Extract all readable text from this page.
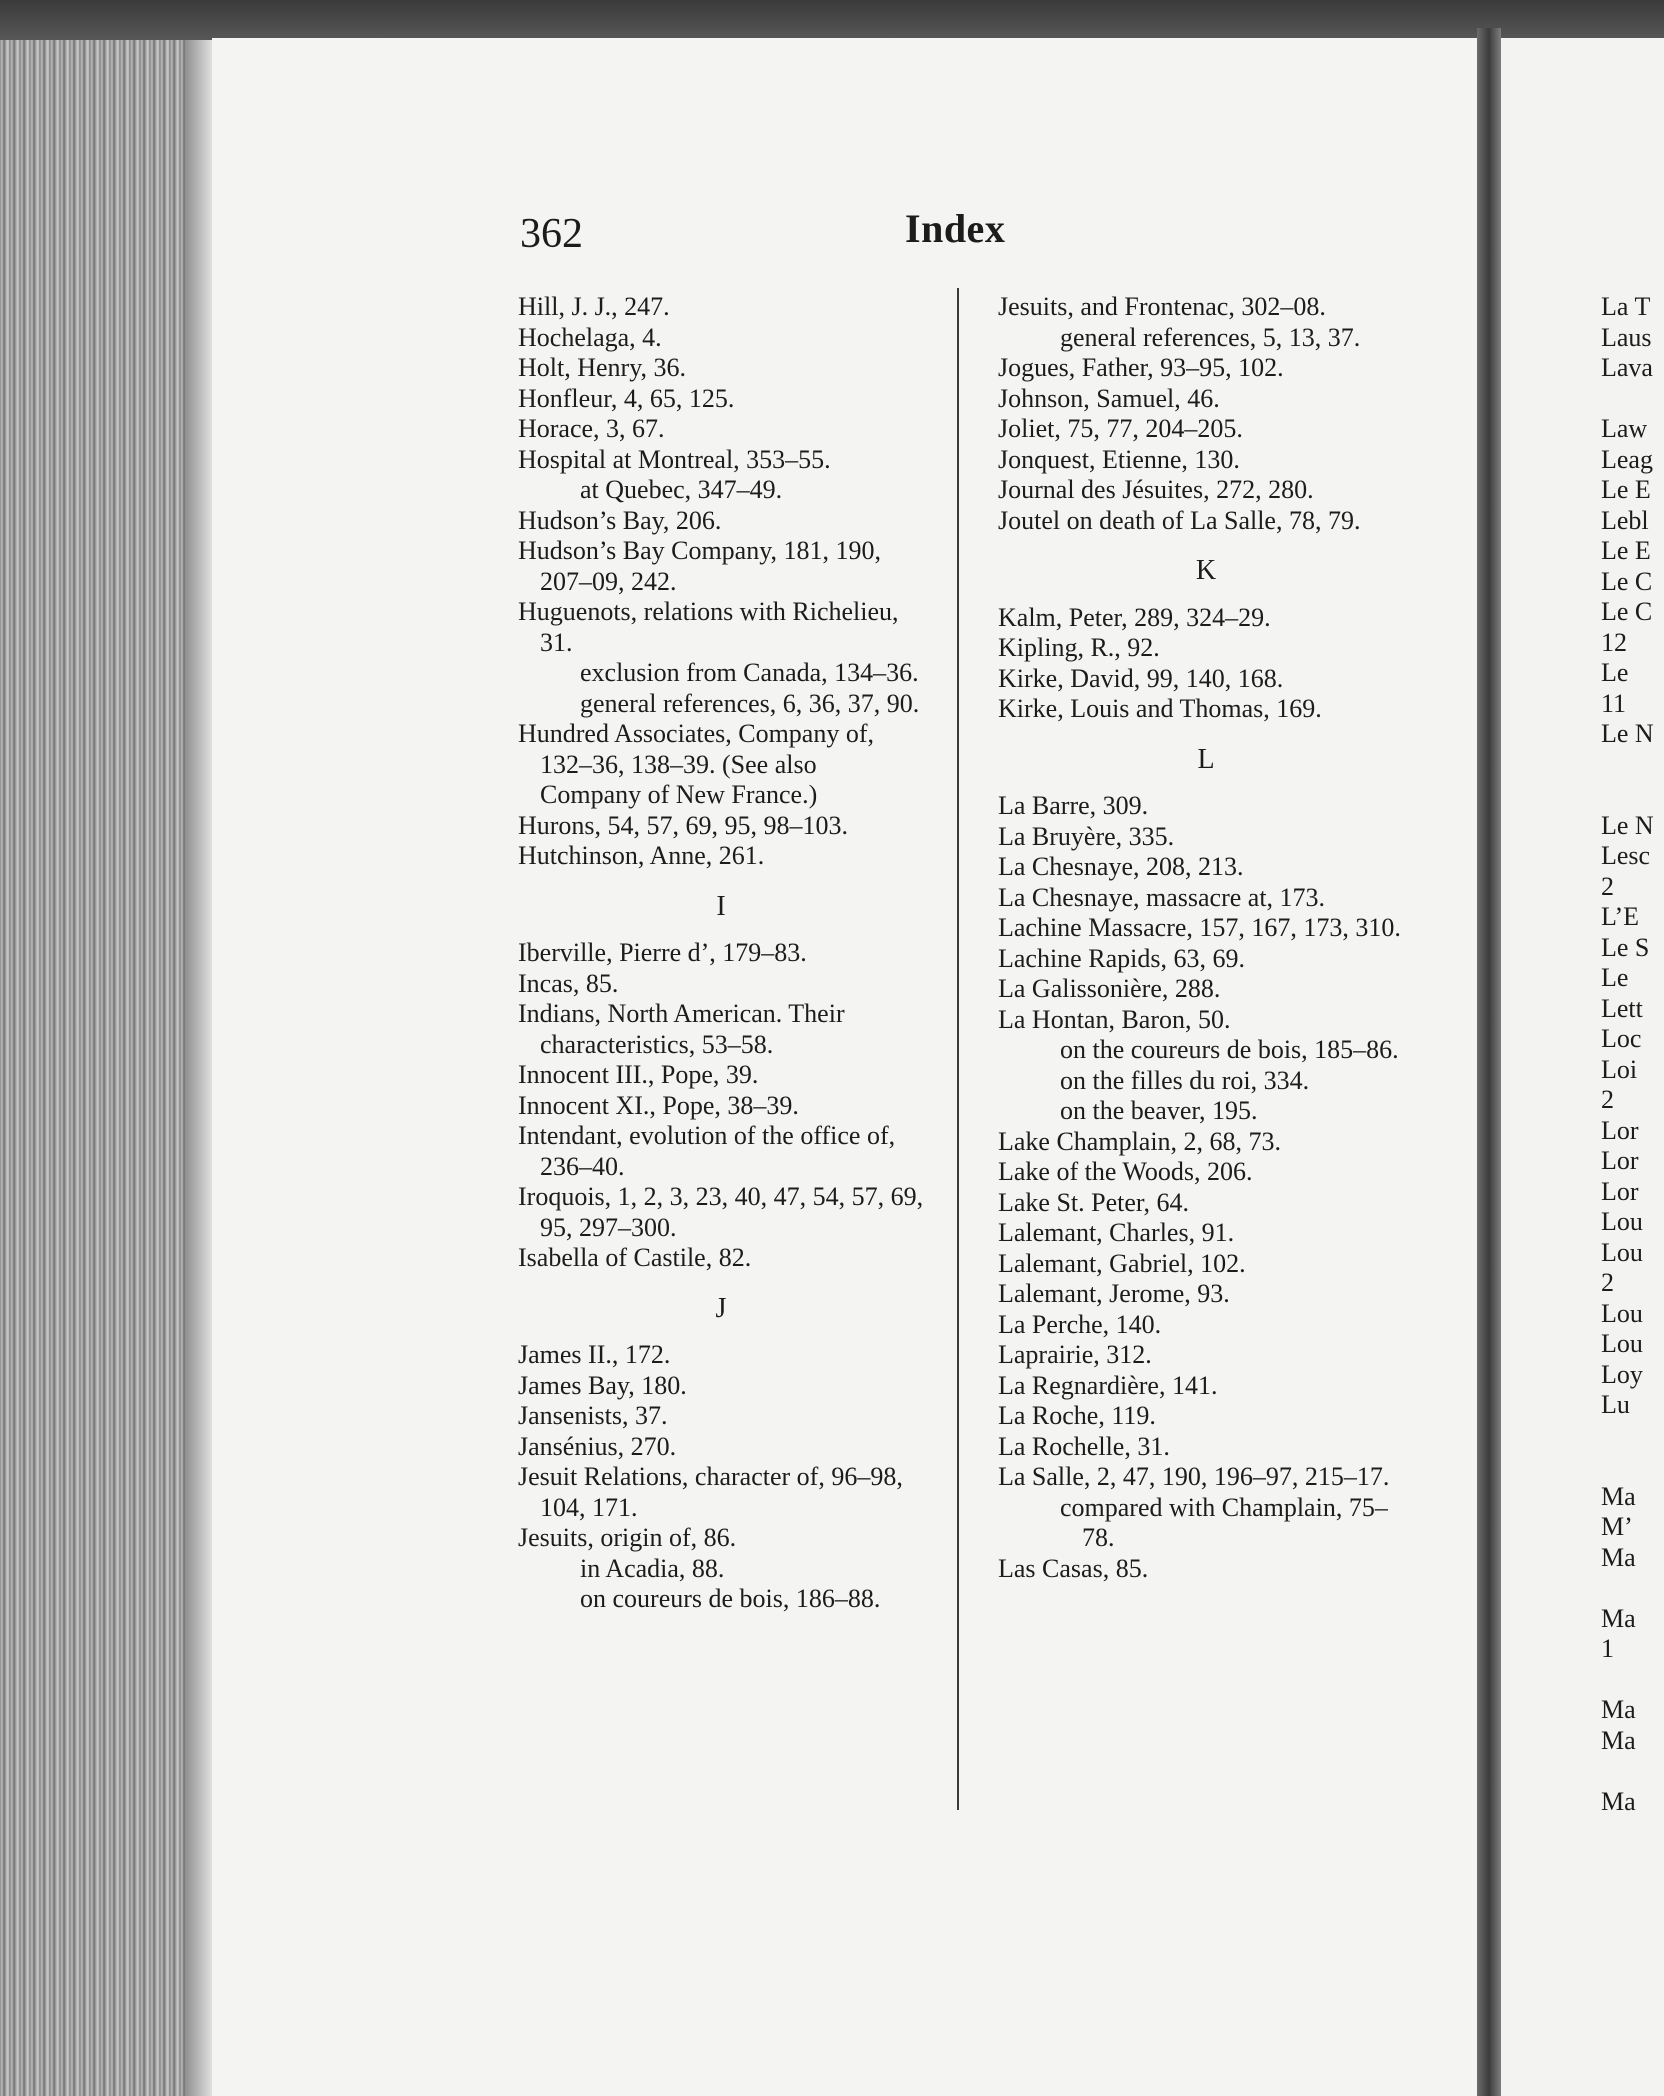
362	Index
Hill, J. J., 247.
Hochelaga, 4.
Holt, Henry, 36.
Honfleur, 4, 65, 125.
Horace, 3, 67.
Hospital at Montreal, 353–55.
at Quebec, 347–49.
Hudson’s Bay, 206.
Hudson’s Bay Company, 181, 190, 207–09, 242.
Huguenots, relations with Richelieu, 31.
exclusion from Canada, 134–36.
general references, 6, 36, 37, 90.
Hundred Associates, Company of, 132–36, 138–39. (See also Company of New France.)
Hurons, 54, 57, 69, 95, 98–103.
Hutchinson, Anne, 261.
I
Iberville, Pierre d’, 179–83.
Incas, 85.
Indians, North American. Their characteristics, 53–58.
Innocent III., Pope, 39.
Innocent XI., Pope, 38–39.
Intendant, evolution of the office of, 236–40.
Iroquois, 1, 2, 3, 23, 40, 47, 54, 57, 69, 95, 297–300.
Isabella of Castile, 82.
J
James II., 172.
James Bay, 180.
Jansenists, 37.
Jansénius, 270.
Jesuit Relations, character of, 96–98, 104, 171.
Jesuits, origin of, 86.
in Acadia, 88.
on coureurs de bois, 186–88.
Jesuits, and Frontenac, 302–08.
general references, 5, 13, 37.
Jogues, Father, 93–95, 102.
Johnson, Samuel, 46.
Joliet, 75, 77, 204–205.
Jonquest, Etienne, 130.
Journal des Jésuites, 272, 280.
Joutel on death of La Salle, 78, 79.
K
Kalm, Peter, 289, 324–29.
Kipling, R., 92.
Kirke, David, 99, 140, 168.
Kirke, Louis and Thomas, 169.
L
La Barre, 309.
La Bruyère, 335.
La Chesnaye, 208, 213.
La Chesnaye, massacre at, 173.
Lachine Massacre, 157, 167, 173, 310.
Lachine Rapids, 63, 69.
La Galissonière, 288.
La Hontan, Baron, 50.
on the coureurs de bois, 185–86.
on the filles du roi, 334.
on the beaver, 195.
Lake Champlain, 2, 68, 73.
Lake of the Woods, 206.
Lake St. Peter, 64.
Lalemant, Charles, 91.
Lalemant, Gabriel, 102.
Lalemant, Jerome, 93.
La Perche, 140.
Laprairie, 312.
La Regnardière, 141.
La Roche, 119.
La Rochelle, 31.
La Salle, 2, 47, 190, 196–97, 215–17.
compared with Champlain, 75–78.
Las Casas, 85.
La T
Laus
Lava
Law
Leag
Le E
Lebl
Le E
Le C
Le C
12
Le
11
Le N
Le N
Lesc
2
L’E
Le S
Le
Lett
Loc
Loi
2
Lor
Lor
Lor
Lou
Lou
2
Lou
Lou
Loy
Lu
Ma
M’
Ma
Ma
1
Ma
Ma
Ma
